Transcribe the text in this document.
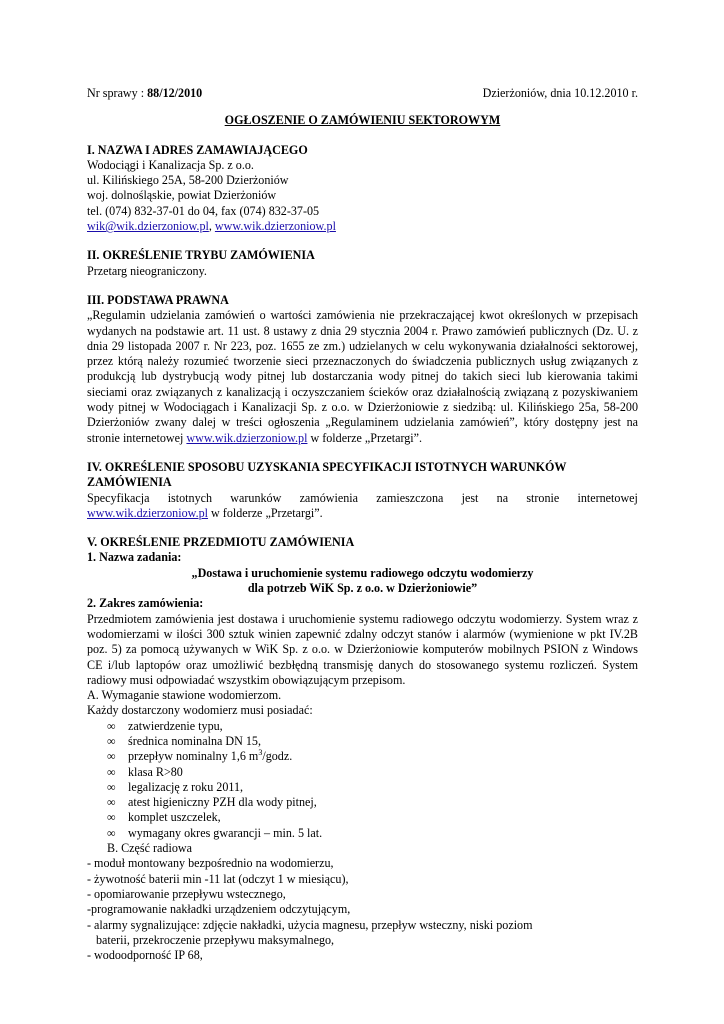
Nr sprawy : 88/12/2010	Dzierżoniów, dnia 10.12.2010 r.
OGŁOSZENIE O ZAMÓWIENIU SEKTOROWYM
I. NAZWA I ADRES ZAMAWIAJĄCEGO
Wodociągi i Kanalizacja Sp. z o.o.
ul. Kilińskiego 25A, 58-200 Dzierżoniów
woj. dolnośląskie, powiat Dzierżoniów
tel. (074) 832-37-01 do 04, fax (074) 832-37-05
wik@wik.dzierzoniow.pl, www.wik.dzierzoniow.pl
II. OKREŚLENIE TRYBU ZAMÓWIENIA
Przetarg nieograniczony.
III. PODSTAWA PRAWNA
„Regulamin udzielania zamówień o wartości zamówienia nie przekraczającej kwot określonych w przepisach wydanych na podstawie art. 11 ust. 8 ustawy z dnia 29 stycznia 2004 r. Prawo zamówień publicznych (Dz. U. z dnia 29 listopada 2007 r. Nr 223, poz. 1655 ze zm.) udzielanych w celu wykonywania działalności sektorowej, przez którą należy rozumieć tworzenie sieci przeznaczonych do świadczenia publicznych usług związanych z produkcją lub dystrybucją wody pitnej lub dostarczania wody pitnej do takich sieci lub kierowania takimi sieciami oraz związanych z kanalizacją i oczyszczaniem ścieków oraz działalnością związaną z pozyskiwaniem wody pitnej w Wodociągach i Kanalizacji Sp. z o.o. w Dzierżoniowie z siedzibą: ul. Kilińskiego 25a, 58-200 Dzierżoniów zwany dalej w treści ogłoszenia „Regulaminem udzielania zamówień”, który dostępny jest na stronie internetowej www.wik.dzierzoniow.pl w folderze „Przetargi”.
IV. OKREŚLENIE SPOSOBU UZYSKANIA SPECYFIKACJI ISTOTNYCH WARUNKÓW
ZAMÓWIENIA
Specyfikacja istotnych warunków zamówienia zamieszczona jest na stronie internetowej
www.wik.dzierzoniow.pl w folderze „Przetargi”.
V. OKREŚLENIE PRZEDMIOTU ZAMÓWIENIA
1. Nazwa zadania:
„Dostawa i uruchomienie systemu radiowego odczytu wodomierzy
dla potrzeb WiK Sp. z o.o. w Dzierżoniowie”
2. Zakres zamówienia:
Przedmiotem zamówienia jest dostawa i uruchomienie systemu radiowego odczytu wodomierzy. System wraz z wodomierzami w ilości 300 sztuk winien zapewnić zdalny odczyt stanów i alarmów (wymienione w pkt IV.2B poz. 5) za pomocą używanych w WiK Sp. z o.o. w Dzierżoniowie komputerów mobilnych PSION z Windows CE i/lub laptopów oraz umożliwić bezbłędną transmisję danych do stosowanego systemu rozliczeń. System radiowy musi odpowiadać wszystkim obowiązującym przepisom.
A. Wymaganie stawione wodomierzom.
Każdy dostarczony wodomierz musi posiadać:
∞ zatwierdzenie typu,
∞ średnica nominalna DN 15,
∞ przepływ nominalny 1,6 $m^3$/godz.
∞ klasa R>80
∞ legalizację z roku 2011,
∞ atest higieniczny PZH dla wody pitnej,
∞ komplet uszczelek,
∞ wymagany okres gwarancji – min. 5 lat.
B. Część radiowa
- moduł montowany bezpośrednio na wodomierzu,
- żywotność baterii min -11 lat (odczyt 1 w miesiącu),
- opomiarowanie przepływu wstecznego,
-programowanie nakładki urządzeniem odczytującym,
- alarmy sygnalizujące: zdjęcie nakładki, użycia magnesu, przepływ wsteczny, niski poziom
baterii, przekroczenie przepływu maksymalnego,
- wodoodporność IP 68,
